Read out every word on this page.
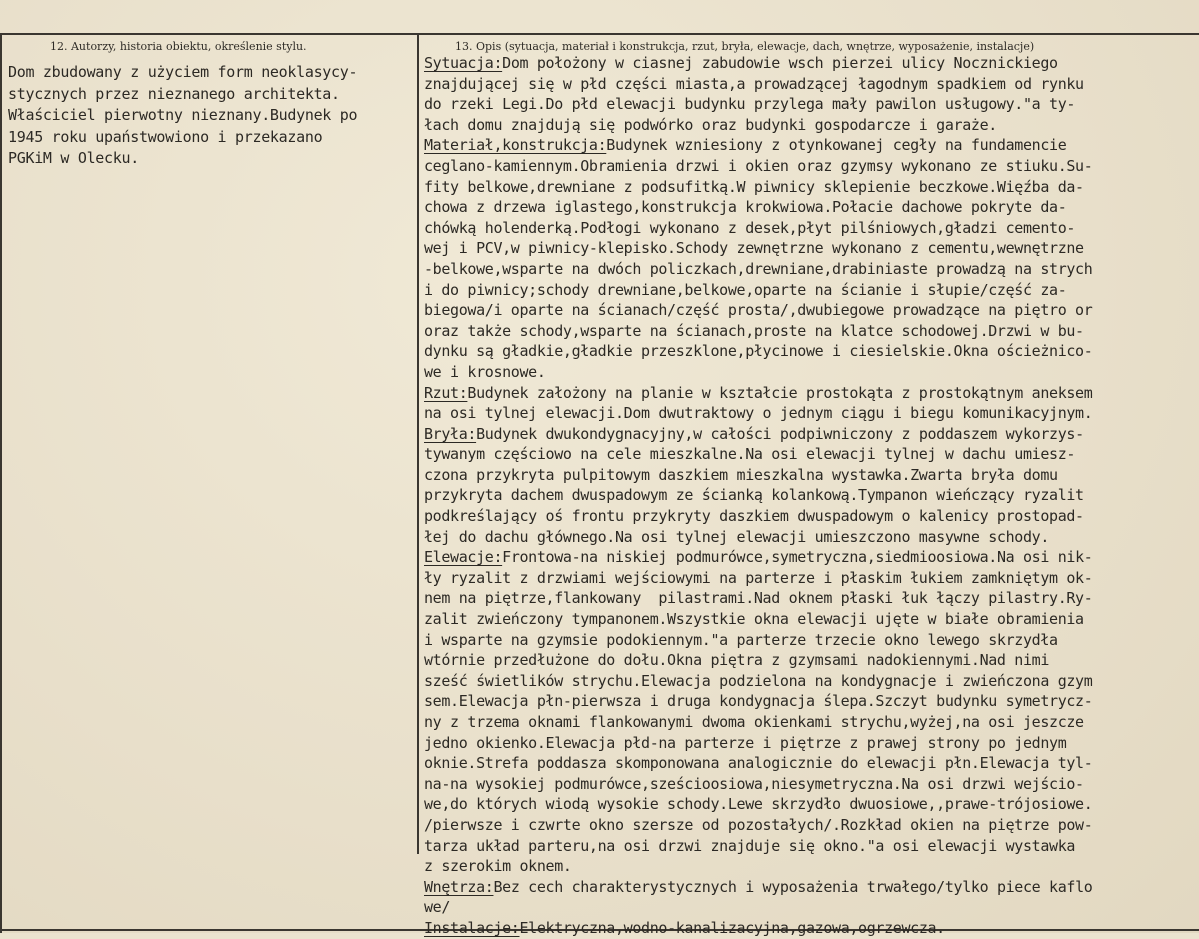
12. Autorzy, historia obiektu, określenie stylu.	13. Opis (sytuacja, materiał i konstrukcja, rzut, bryła, elewacje, dach, wnętrze, wyposażenie, instalacje)
Dom zbudowany z użyciem form neoklasycy-
stycznych przez nieznanego architekta.
Właściciel pierwotny nieznany.Budynek po
1945 roku upaństwowiono i przekazano
PGKiM w Olecku.
Sytuacja:Dom położony w ciasnej zabudowie wsch pierzei ulicy Nocznickiego
znajdującej się w płd części miasta,a prowadzącej łagodnym spadkiem od rynku
do rzeki Legi.Do płd elewacji budynku przylega mały pawilon usługowy."a ty-
łach domu znajdują się podwórko oraz budynki gospodarcze i garaże.
Materiał,konstrukcja:Budynek wzniesiony z otynkowanej cegły na fundamencie
ceglano-kamiennym.Obramienia drzwi i okien oraz gzymsy wykonano ze stiuku.Su-
fity belkowe,drewniane z podsufitką.W piwnicy sklepienie beczkowe.Więźba da-
chowa z drzewa iglastego,konstrukcja krokwiowa.Połacie dachowe pokryte da-
chówką holenderką.Podłogi wykonano z desek,płyt pilśniowych,gładzi cemento-
wej i PCV,w piwnicy-klepisko.Schody zewnętrzne wykonano z cementu,wewnętrzne
-belkowe,wsparte na dwóch policzkach,drewniane,drabiniaste prowadzą na strych
i do piwnicy;schody drewniane,belkowe,oparte na ścianie i słupie/część za-
biegowa/i oparte na ścianach/część prosta/,dwubiegowe prowadzące na piętro or
oraz także schody,wsparte na ścianach,proste na klatce schodowej.Drzwi w bu-
dynku są gładkie,gładkie przeszklone,płycinowe i ciesielskie.Okna ościeżnico-
we i krosnowe.
Rzut:Budynek założony na planie w kształcie prostokąta z prostokątnym aneksem
na osi tylnej elewacji.Dom dwutraktowy o jednym ciągu i biegu komunikacyjnym.
Bryła:Budynek dwukondygnacyjny,w całości podpiwniczony z poddaszem wykorzys-
tywanym częściowo na cele mieszkalne.Na osi elewacji tylnej w dachu umiesz-
czona przykryta pulpitowym daszkiem mieszkalna wystawka.Zwarta bryła domu
przykryta dachem dwuspadowym ze ścianką kolankową.Tympanon wieńczący ryzalit
podkreślający oś frontu przykryty daszkiem dwuspadowym o kalenicy prostopad-
łej do dachu głównego.Na osi tylnej elewacji umieszczono masywne schody.
Elewacje:Frontowa-na niskiej podmurówce,symetryczna,siedmioosiowa.Na osi nik-
ły ryzalit z drzwiami wejściowymi na parterze i płaskim łukiem zamkniętym ok-
nem na piętrze,flankowany  pilastrami.Nad oknem płaski łuk łączy pilastry.Ry-
zalit zwieńczony tympanonem.Wszystkie okna elewacji ujęte w białe obramienia
i wsparte na gzymsie podokiennym."a parterze trzecie okno lewego skrzydła
wtórnie przedłużone do dołu.Okna piętra z gzymsami nadokiennymi.Nad nimi
sześć świetlików strychu.Elewacja podzielona na kondygnacje i zwieńczona gzym
sem.Elewacja płn-pierwsza i druga kondygnacja ślepa.Szczyt budynku symetrycz-
ny z trzema oknami flankowanymi dwoma okienkami strychu,wyżej,na osi jeszcze
jedno okienko.Elewacja płd-na parterze i piętrze z prawej strony po jednym
oknie.Strefa poddasza skomponowana analogicznie do elewacji płn.Elewacja tyl-
na-na wysokiej podmurówce,sześcioosiowa,niesymetryczna.Na osi drzwi wejścio-
we,do których wiodą wysokie schody.Lewe skrzydło dwuosiowe,,prawe-trójosiowe.
/pierwsze i czwrte okno szersze od pozostałych/.Rozkład okien na piętrze pow-
tarza układ parteru,na osi drzwi znajduje się okno."a osi elewacji wystawka
z szerokim oknem.
Wnętrza:Bez cech charakterystycznych i wyposażenia trwałego/tylko piece kaflo
we/
Instalacje:Elektryczna,wodno-kanalizacyjna,gazowa,ogrzewcza.
